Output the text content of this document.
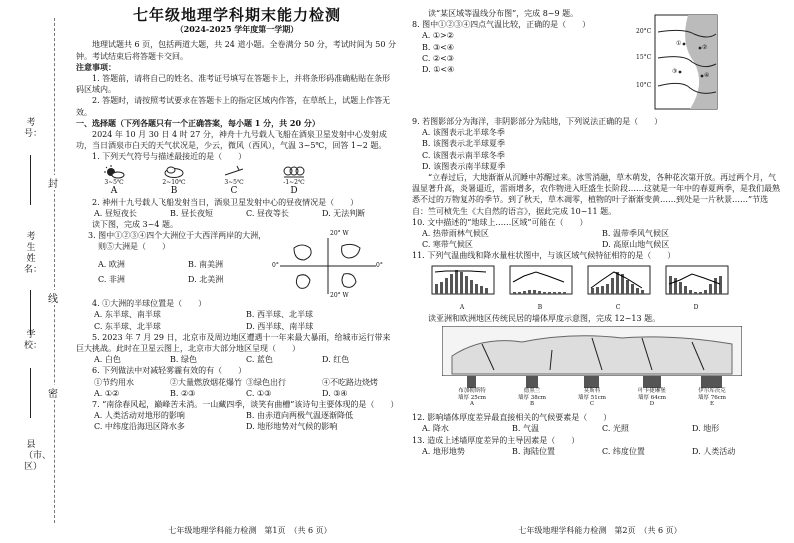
考号：
考生姓名：
学校：
县（市、区）
封
线
密
七年级地理学科期末能力检测
（2024-2025 学年度第一学期）

地理试题共 6 页，包括两道大题，共 24 道小题。全卷满分 50 分，考试时间为 50 分钟。考试结束后将答题卡交回。

注意事项：

1. 答题前，请将自己的姓名、准考证号填写在答题卡上，并将条形码准确粘贴在条形码区域内。

2. 答题时，请按照考试要求在答题卡上的指定区域内作答，在草纸上，试题上作答无效。

一、选择题（下列各题只有一个正确答案，每小题 1 分，共 20 分）

2024 年 10 月 30 日 4 时 27 分，神舟十九号载人飞船在酒泉卫星发射中心发射成功，当日酒泉市白天的天气状况是，少云，微风（西风），气温 3~5℃，回答 1~2 题。

1. 下列天气符号与描述最接近的是（　　）

3~5℃
A
2~10℃
B
3~5℃
C
-1~2℃
D

2. 神州十九号载人飞船发射当日，酒泉卫星发射中心的昼夜情况是（　　）

A. 昼短夜长	B. 昼长夜短	C. 昼夜等长	D. 无法判断

读下图，完成 3~4 题。

3. 图中①②③④四个大洲位于大西洋两岸的大洲，

则⑤大洲是（　　）

A. 欧洲	B. 南美洲
C. 非洲	D. 北美洲
20° W
20° W
0°	0°

4. ①大洲的半球位置是（　　）

A. 东半球、南半球	B. 西半球、北半球
C. 东半球、北半球	D. 西半球、南半球

5. 2023 年 7 月 29 日，北京市及周边地区遭遇十一年来最大暴雨，给城市运行带来巨大挑战。此时在卫星云图上，北京市大部分地区呈现（　　）

A. 白色	B. 绿色	C. 蓝色	D. 红色

6. 下列做法中对减轻雾霾有效的有（　　）

①节约用水	②大量燃放烟花爆竹 ③绿色出行	④不吃路边烧烤
A. ①②	B. ②③	C. ①③	D. ③④

7. “南徐春风起，巅峰苦未消。一山藏四季，谈笑有曲槽”该诗句主要体现的是（　　）

A. 人类活动对地形的影响	B. 由赤道向两极气温逐渐降低
C. 中纬度沿海迅区降水多	D. 地形地势对气候的影响
七年级地理学科能力检测　第1页　（共 6 页）

读“某区域等温线分布图”，完成 8~9 题。

8. 图中①②③④四点气温比较，正确的是（　　）

A. ①>②

B. ③<④

C. ②<③

D. ①<④

20°C
15°C
10°C
①
②
③
④

9. 若图影部分为海洋，非阴影部分为陆地，下列说法正确的是（　　）

A. 该图表示北半球冬季

B. 该图表示北半球夏季

C. 该图表示南半球冬季

D. 该图表示南半球夏季

“立春过后，大地渐渐从沉睡中苏醒过来。冰雪消融，草木萌发，各种花次第开放。再过两个月，气温显著升高，炎暑逼近，雷雨增多，农作物进入旺盛生长阶段……这就是一年中的春夏两季，是我们最熟悉不过的万物复苏的季节。到了秋天，草木凋零，植物的叶子渐渐变黄……到处是一片秋景……”节选自：竺可桢先生《大自然的语言》，据此完成 10~11 题。

10. 文中描述的“地球上……区域”可能在（　　）

A. 热带雨林气候区	B. 温带季风气候区
C. 寒带气候区	D. 高原山地气候区

11. 下列气温曲线和降水量柱状图中，与该区域气候特征相符的是（　　）

A	B	C	D

读亚洲和欧洲地区传统民居的墙体厚度示意图，完成 12~13 题。

布加勒斯特
墙厚 25cm
A
德黑兰
墙厚 38cm
B
莫斯科
墙厚 51cm
C
叶卡捷琳堡
墙厚 64cm
D
伊尔库茨克
墙厚 76cm
E

12. 影响墙体厚度差异最直接相关的气候要素是（　　）

A. 降水	B. 气温	C. 光照	D. 地形

13. 造成上述墙厚度差异的主导因素是（　　）

A. 地形地势	B. 海陆位置	C. 纬度位置	D. 人类活动
七年级地理学科能力检测　第2页　（共 6 页）
